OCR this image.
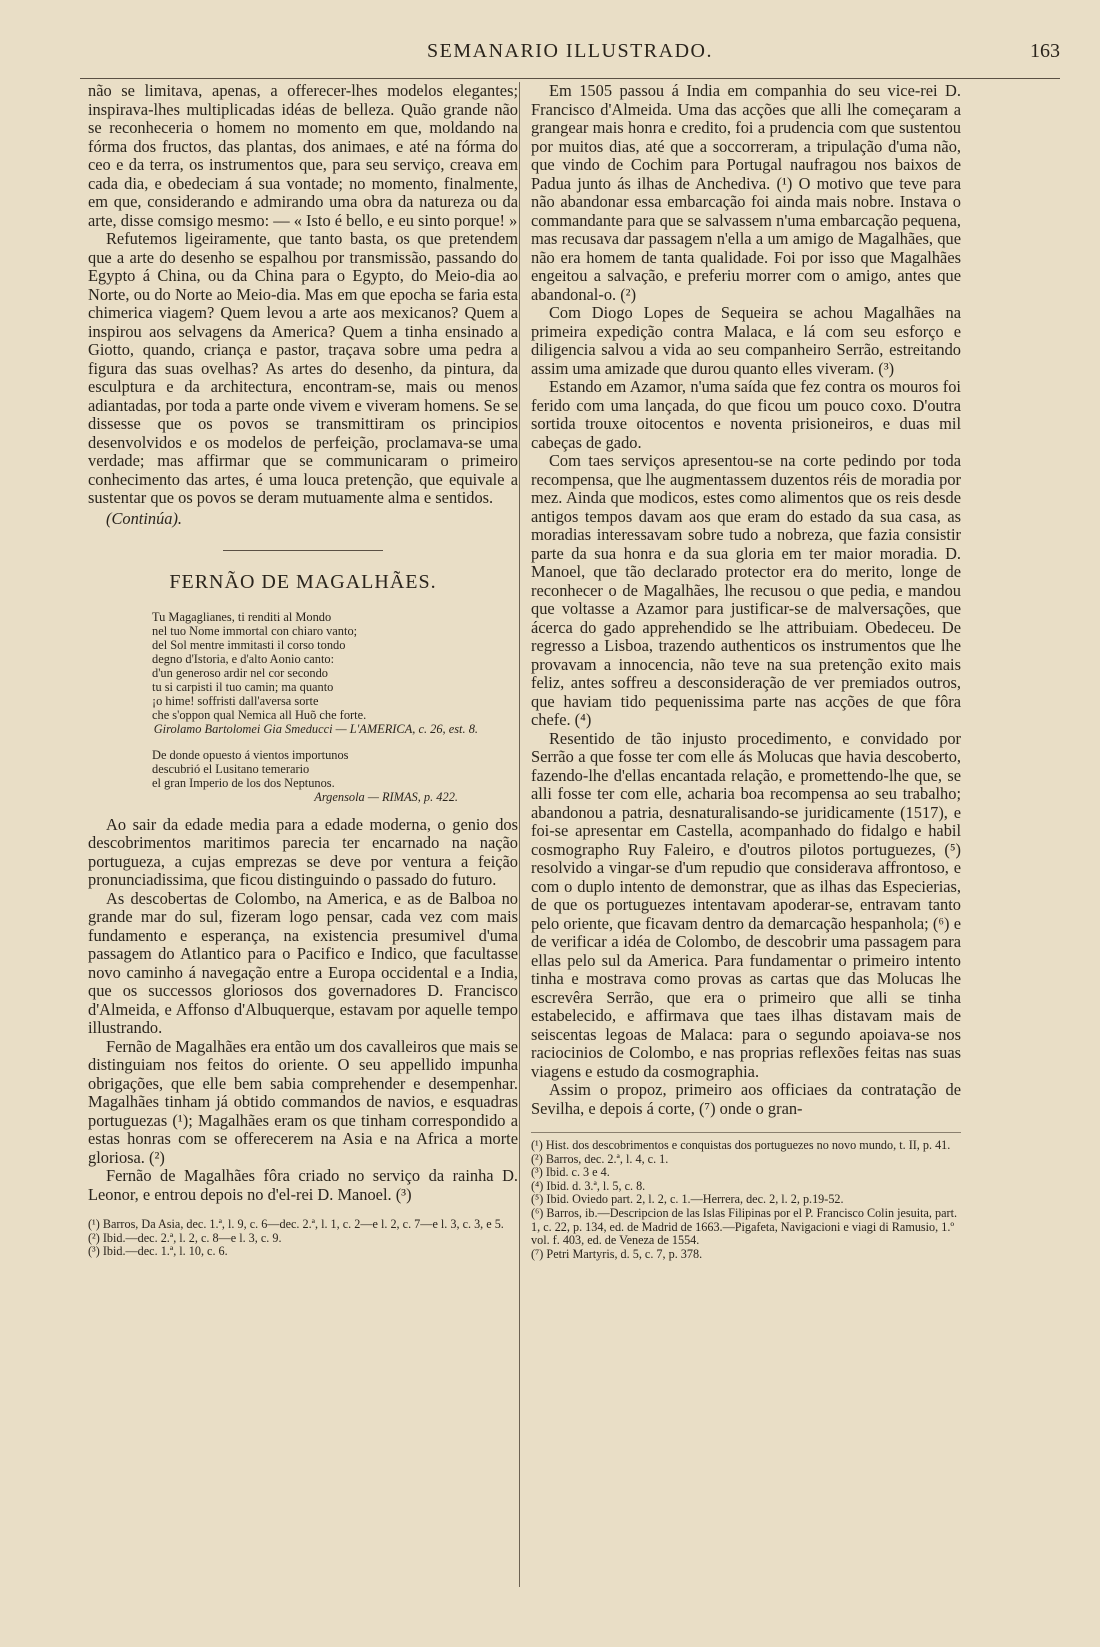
SEMANARIO ILLUSTRADO.	163

não se limitava, apenas, a offerecer-lhes modelos elegantes; inspirava-lhes multiplicadas idéas de belleza. Quão grande não se reconheceria o homem no momento em que, moldando na fórma dos fructos, das plantas, dos animaes, e até na fórma do ceo e da terra, os instrumentos que, para seu serviço, creava em cada dia, e obedeciam á sua vontade; no momento, finalmente, em que, considerando e admirando uma obra da natureza ou da arte, disse comsigo mesmo: — « Isto é bello, e eu sinto porque! »

Refutemos ligeiramente, que tanto basta, os que pretendem que a arte do desenho se espalhou por transmissão, passando do Egypto á China, ou da China para o Egypto, do Meio-dia ao Norte, ou do Norte ao Meio-dia. Mas em que epocha se faria esta chimerica viagem? Quem levou a arte aos mexicanos? Quem a inspirou aos selvagens da America? Quem a tinha ensinado a Giotto, quando, criança e pastor, traçava sobre uma pedra a figura das suas ovelhas? As artes do desenho, da pintura, da esculptura e da architectura, encontram-se, mais ou menos adiantadas, por toda a parte onde vivem e viveram homens. Se se dissesse que os povos se transmittiram os principios desenvolvidos e os modelos de perfeição, proclamava-se uma verdade; mas affirmar que se communicaram o primeiro conhecimento das artes, é uma louca pretenção, que equivale a sustentar que os povos se deram mutuamente alma e sentidos.

(Continúa).
FERNÃO DE MAGALHÃES.
Tu Magaglianes, ti renditi al Mondo
nel tuo Nome immortal con chiaro vanto;
del Sol mentre immitasti il corso tondo
degno d'Istoria, e d'alto Aonio canto:
d'un generoso ardir nel cor secondo
tu si carpisti il tuo camin; ma quanto
¡o hime! soffristi dall'aversa sorte
che s'oppon qual Nemica all Huõ che forte.
Girolamo Bartolomei Gia Smeducci — L'AMERICA, c. 26, est. 8.
De donde opuesto á vientos importunos
descubrió el Lusitano temerario
el gran Imperio de los dos Neptunos.
Argensola — RIMAS, p. 422.

Ao sair da edade media para a edade moderna, o genio dos descobrimentos maritimos parecia ter encarnado na nação portugueza, a cujas emprezas se deve por ventura a feição pronunciadissima, que ficou distinguindo o passado do futuro.

As descobertas de Colombo, na America, e as de Balboa no grande mar do sul, fizeram logo pensar, cada vez com mais fundamento e esperança, na existencia presumivel d'uma passagem do Atlantico para o Pacifico e Indico, que facultasse novo caminho á navegação entre a Europa occidental e a India, que os successos gloriosos dos governadores D. Francisco d'Almeida, e Affonso d'Albuquerque, estavam por aquelle tempo illustrando.

Fernão de Magalhães era então um dos cavalleiros que mais se distinguiam nos feitos do oriente. O seu appellido impunha obrigações, que elle bem sabia comprehender e desempenhar. Magalhães tinham já obtido commandos de navios, e esquadras portuguezas (¹); Magalhães eram os que tinham correspondido a estas honras com se offerecerem na Asia e na Africa a morte gloriosa. (²)

Fernão de Magalhães fôra criado no serviço da rainha D. Leonor, e entrou depois no d'el-rei D. Manoel. (³)

(¹) Barros, Da Asia, dec. 1.ª, l. 9, c. 6—dec. 2.ª, l. 1, c. 2—e l. 2, c. 7—e l. 3, c. 3, e 5.
(²) Ibid.—dec. 2.ª, l. 2, c. 8—e l. 3, c. 9.
(³) Ibid.—dec. 1.ª, l. 10, c. 6.

Em 1505 passou á India em companhia do seu vice-rei D. Francisco d'Almeida. Uma das acções que alli lhe começaram a grangear mais honra e credito, foi a prudencia com que sustentou por muitos dias, até que a soccorreram, a tripulação d'uma não, que vindo de Cochim para Portugal naufragou nos baixos de Padua junto ás ilhas de Anchediva. (¹) O motivo que teve para não abandonar essa embarcação foi ainda mais nobre. Instava o commandante para que se salvassem n'uma embarcação pequena, mas recusava dar passagem n'ella a um amigo de Magalhães, que não era homem de tanta qualidade. Foi por isso que Magalhães engeitou a salvação, e preferiu morrer com o amigo, antes que abandonal-o. (²)

Com Diogo Lopes de Sequeira se achou Magalhães na primeira expedição contra Malaca, e lá com seu esforço e diligencia salvou a vida ao seu companheiro Serrão, estreitando assim uma amizade que durou quanto elles viveram. (³)

Estando em Azamor, n'uma saída que fez contra os mouros foi ferido com uma lançada, do que ficou um pouco coxo. D'outra sortida trouxe oitocentos e noventa prisioneiros, e duas mil cabeças de gado.

Com taes serviços apresentou-se na corte pedindo por toda recompensa, que lhe augmentassem duzentos réis de moradia por mez. Ainda que modicos, estes como alimentos que os reis desde antigos tempos davam aos que eram do estado da sua casa, as moradias interessavam sobre tudo a nobreza, que fazia consistir parte da sua honra e da sua gloria em ter maior moradia. D. Manoel, que tão declarado protector era do merito, longe de reconhecer o de Magalhães, lhe recusou o que pedia, e mandou que voltasse a Azamor para justificar-se de malversações, que ácerca do gado apprehendido se lhe attribuiam. Obedeceu. De regresso a Lisboa, trazendo authenticos os instrumentos que lhe provavam a innocencia, não teve na sua pretenção exito mais feliz, antes soffreu a desconsideração de ver premiados outros, que haviam tido pequenissima parte nas acções de que fôra chefe. (⁴)

Resentido de tão injusto procedimento, e convidado por Serrão a que fosse ter com elle ás Molucas que havia descoberto, fazendo-lhe d'ellas encantada relação, e promettendo-lhe que, se alli fosse ter com elle, acharia boa recompensa ao seu trabalho; abandonou a patria, desnaturalisando-se juridicamente (1517), e foi-se apresentar em Castella, acompanhado do fidalgo e habil cosmographo Ruy Faleiro, e d'outros pilotos portuguezes, (⁵) resolvido a vingar-se d'um repudio que considerava affrontoso, e com o duplo intento de demonstrar, que as ilhas das Especierias, de que os portuguezes intentavam apoderar-se, entravam tanto pelo oriente, que ficavam dentro da demarcação hespanhola; (⁶) e de verificar a idéa de Colombo, de descobrir uma passagem para ellas pelo sul da America. Para fundamentar o primeiro intento tinha e mostrava como provas as cartas que das Molucas lhe escrevêra Serrão, que era o primeiro que alli se tinha estabelecido, e affirmava que taes ilhas distavam mais de seiscentas legoas de Malaca: para o segundo apoiava-se nos raciocinios de Colombo, e nas proprias reflexões feitas nas suas viagens e estudo da cosmographia.

Assim o propoz, primeiro aos officiaes da contratação de Sevilha, e depois á corte, (⁷) onde o gran-

(¹) Hist. dos descobrimentos e conquistas dos portuguezes no novo mundo, t. II, p. 41.
(²) Barros, dec. 2.ª, l. 4, c. 1.
(³) Ibid. c. 3 e 4.
(⁴) Ibid. d. 3.ª, l. 5, c. 8.
(⁵) Ibid. Oviedo part. 2, l. 2, c. 1.—Herrera, dec. 2, l. 2, p.19-52.
(⁶) Barros, ib.—Descripcion de las Islas Filipinas por el P. Francisco Colin jesuita, part. 1, c. 22, p. 134, ed. de Madrid de 1663.—Pigafeta, Navigacioni e viagi di Ramusio, 1.º vol. f. 403, ed. de Veneza de 1554.
(⁷) Petri Martyris, d. 5, c. 7, p. 378.
